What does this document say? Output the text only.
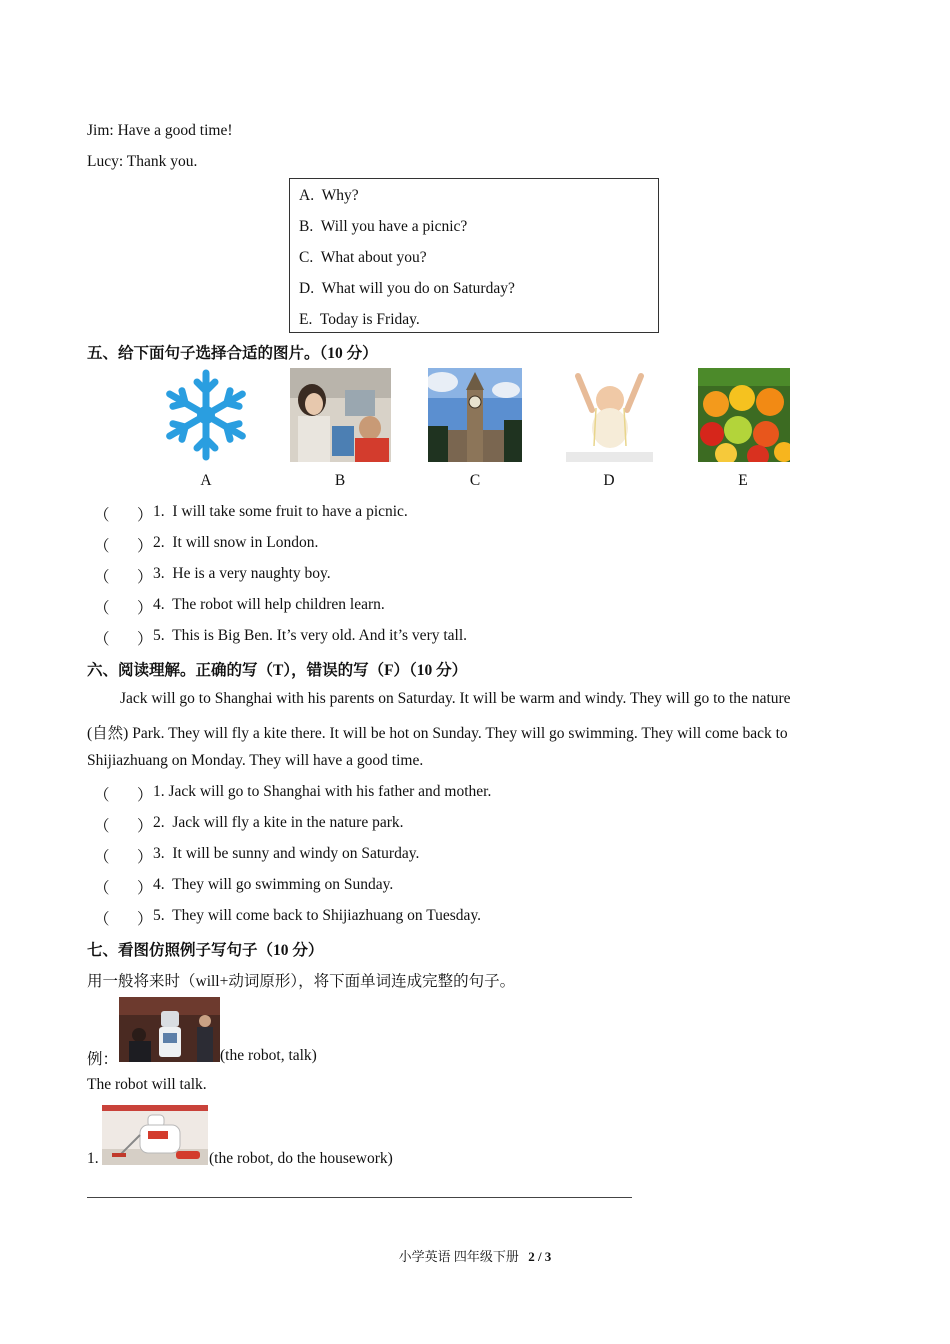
Jim: Have a good time!
Lucy: Thank you.
A. Why?
B. Will you have a picnic?
C. What about you?
D. What will you do on Saturday?
E. Today is Friday.
五、给下面句子选择合适的图片。（10 分）
A	B	C	D	E
（ ） 1. I will take some fruit to have a picnic.
（ ） 2. It will snow in London.
（ ） 3. He is a very naughty boy.
（ ） 4. The robot will help children learn.
（ ） 5. This is Big Ben. It’s very old. And it’s very tall.
六、阅读理解。正确的写（T），错误的写（F）（10 分）
Jack will go to Shanghai with his parents on Saturday. It will be warm and windy. They will go to the nature
(自然) Park. They will fly a kite there. It will be hot on Sunday. They will go swimming. They will come back to
Shijiazhuang on Monday. They will have a good time.
（ ） 1. Jack will go to Shanghai with his father and mother.
（ ） 2. Jack will fly a kite in the nature park.
（ ） 3. It will be sunny and windy on Saturday.
（ ） 4. They will go swimming on Sunday.
（ ） 5. They will come back to Shijiazhuang on Tuesday.
七、看图仿照例子写句子（10 分）
用一般将来时（will+动词原形），将下面单词连成完整的句子。
例：	(the robot, talk)
The robot will talk.
1.	(the robot, do the housework)
小学英语 四年级下册 2 / 3
